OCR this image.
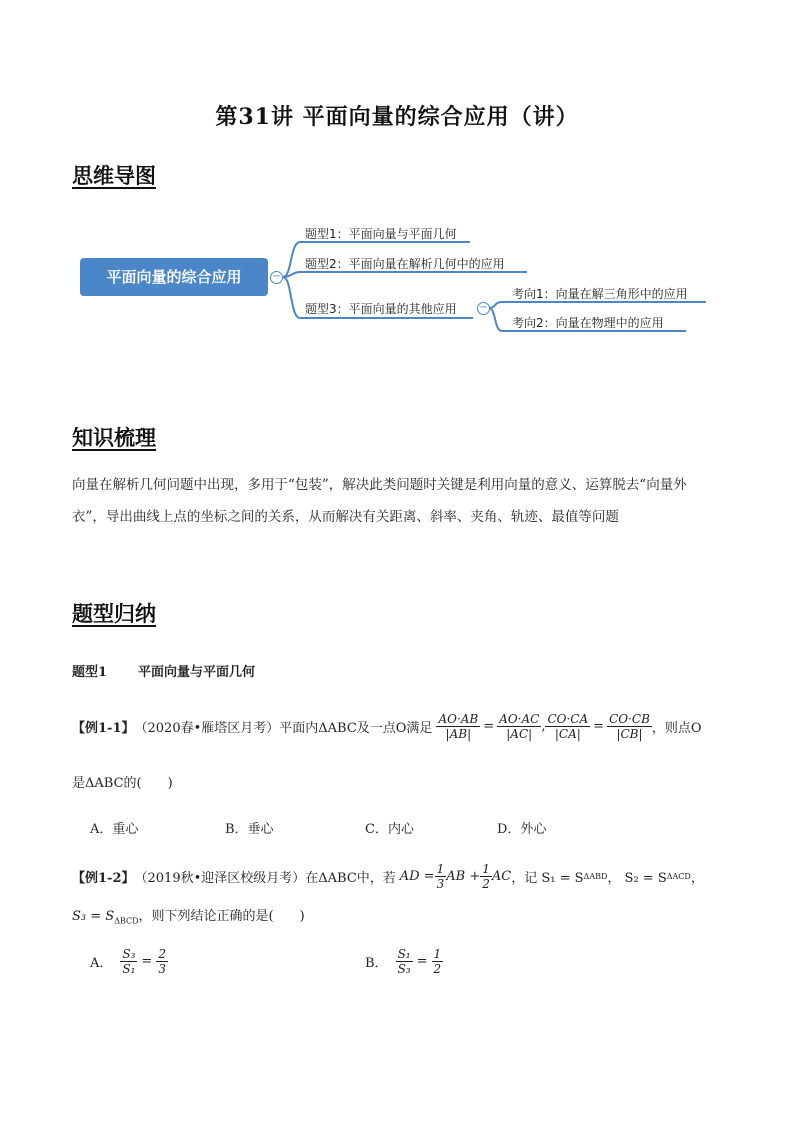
第31讲 平面向量的综合应用（讲）
思维导图
平面向量的综合应用	−
题型1：平面向量与平面几何
题型2：平面向量在解析几何中的应用
题型3：平面向量的其他应用 −
考向1：向量在解三角形中的应用
考向2：向量在物理中的应用
知识梳理
向量在解析几何问题中出现，多用于“包装”，解决此类问题时关键是利用向量的意义、运算脱去“向量外
衣”，导出曲线上点的坐标之间的关系，从而解决有关距离、斜率、夹角、轨迹、最值等问题
题型归纳
题型1 平面向量与平面几何
【例1-1】 （2020春•雁塔区月考）平面内ΔABC及一点O满足 $\frac{AO\cdot AB}{|AB|} = \frac{AO\cdot AC}{|AC|}$ , $\frac{CO\cdot CA}{|CA|} = \frac{CO\cdot CB}{|CB|}$ ，则点O
是ΔABC的(　　)
A．重心	B．垂心	C．内心	D．外心
【例1-2】 （2019秋•迎泽区校级月考）在ΔABC中，若 AD = $\frac{1}{3}$ AB + $\frac{1}{2}$ AC ，记 S₁ = S ΔABD ， S₂ = S ΔACD ，
$S_3 = S_{\Delta BCD}$，则下列结论正确的是(　　)
A． $\frac{\text{S₃}}{\text{S₁}} = \frac{2}{3}$	B． $\frac{\text{S₁}}{\text{S₃}} = \frac{1}{2}$
